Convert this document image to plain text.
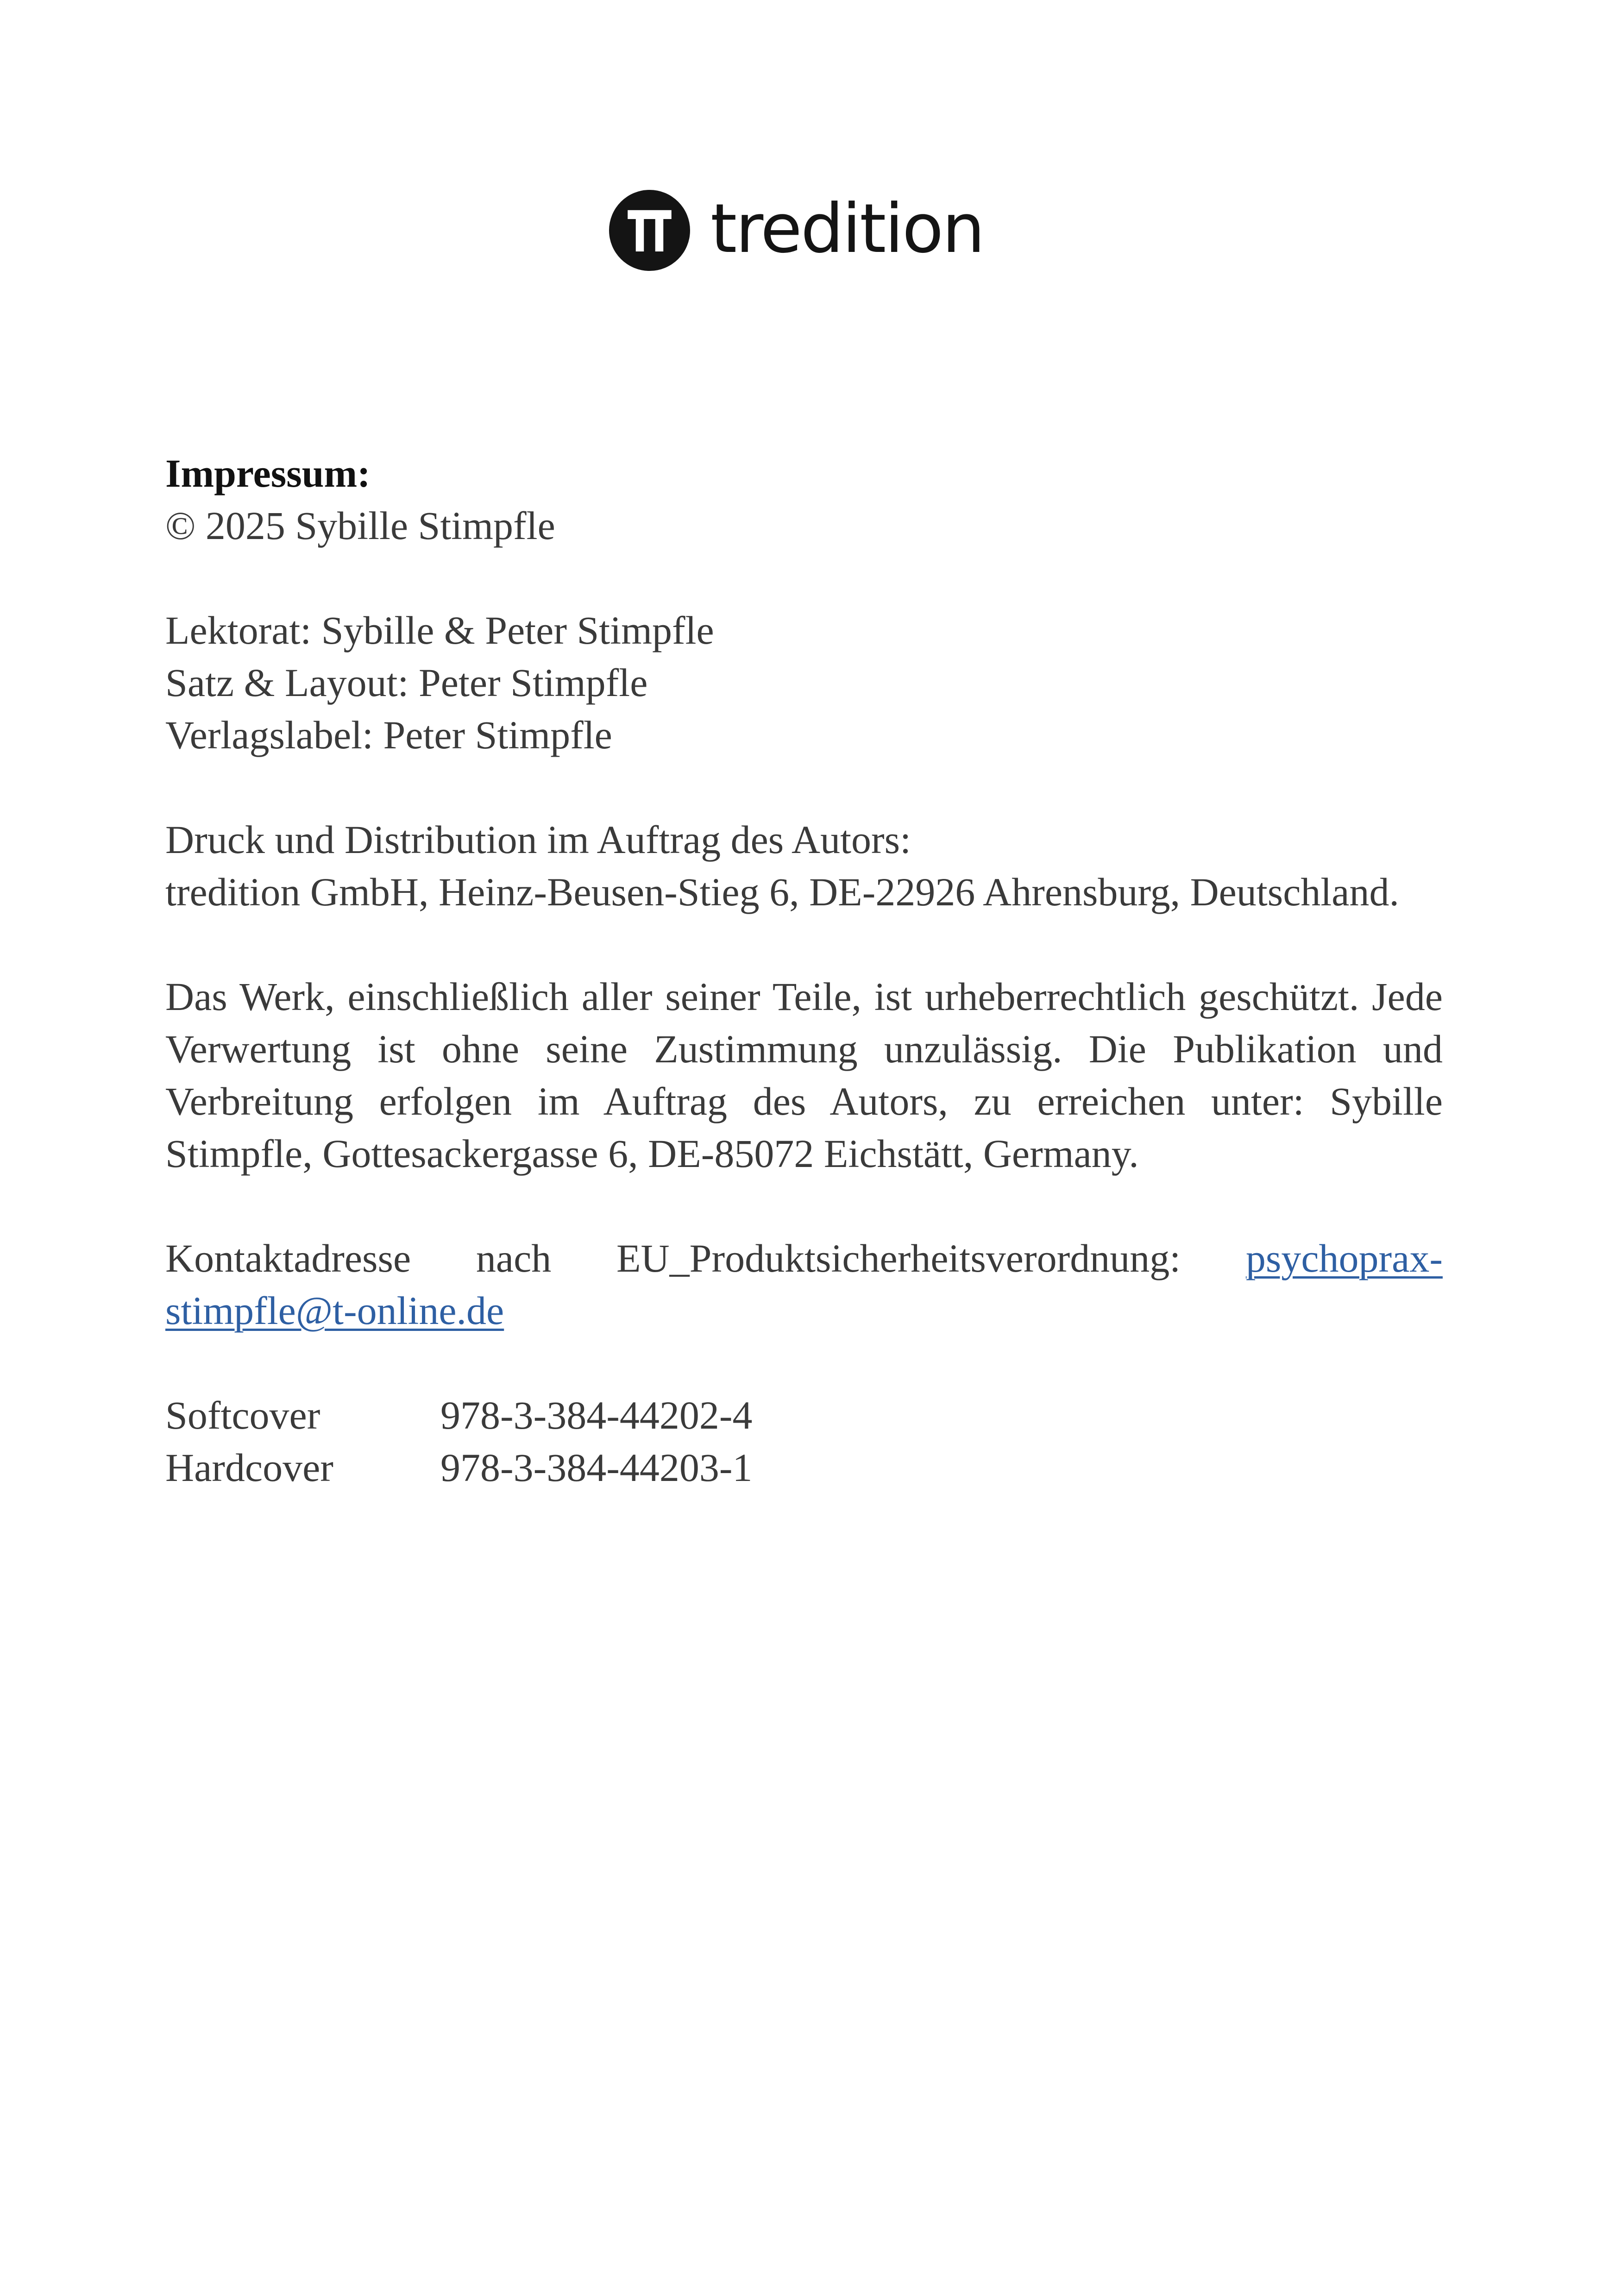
tredition

Impressum:

© 2025 Sybille Stimpfle

Lektorat: Sybille & Peter Stimpfle

Satz & Layout: Peter Stimpfle

Verlagslabel: Peter Stimpfle

Druck und Distribution im Auftrag des Autors:

tredition GmbH, Heinz-Beusen-Stieg 6, DE-22926 Ahrensburg, Deutschland.

Das Werk, einschließlich aller seiner Teile, ist urheberrechtlich geschützt. Jede Verwertung ist ohne seine Zustimmung unzulässig. Die Publikation und Verbreitung erfolgen im Auftrag des Autors, zu erreichen unter: Sybille Stimpfle, Gottesackergasse 6, DE-85072 Eichstätt, Germany.

Kontaktadresse nach EU_Produktsicherheitsverordnung: psychoprax-stimpfle@t-online.de

Softcover	978-3-384-44202-4
Hardcover	978-3-384-44203-1
